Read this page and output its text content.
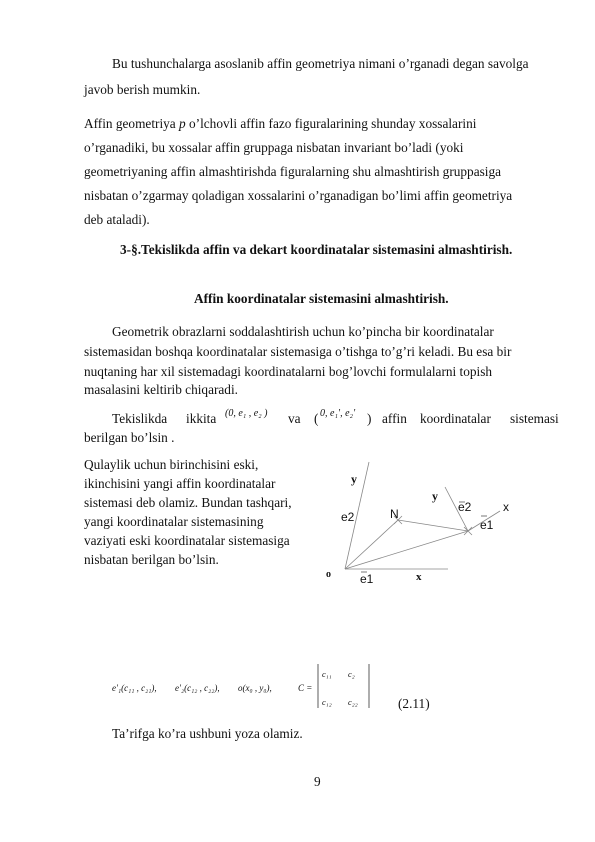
Bu tushunchalarga asoslanib affin geometriya nimani o’rganadi degan savolga
javob berish mumkin.
Affin geometriya p o’lchovli affin fazo figuralarining shunday xossalarini
o’rganadiki, bu xossalar affin gruppaga nisbatan invariant bo’ladi (yoki
geometriyaning affin almashtirishda figuralarning shu almashtirish gruppasiga
nisbatan o’zgarmay qoladigan xossalarini o’rganadigan bo’limi affin geometriya
deb ataladi).
3-§.Tekislikda affin va dekart koordinatalar sistemasini almashtirish.
Affin koordinatalar sistemasini almashtirish.
Geometrik obrazlarni soddalashtirish uchun ko’pincha bir koordinatalar
sistemasidan boshqa koordinatalar sistemasiga o’tishga to’g’ri keladi. Bu esa bir
nuqtaning har xil sistemadagi koordinatalarni bog’lovchi formulalarni topish
masalasini keltirib chiqaradi.
Tekislikda ikkita (0, e₁ , e₂ ) va ( 0, e₁′, e₂′ ) affin koordinatalar sistemasi
berilgan bo’lsin .
Qulaylik uchun birinchisini eski,
ikinchisini yangi affin koordinatalar
sistemasi deb olamiz. Bundan tashqari,
yangi koordinatalar sistemasining
vaziyati eski koordinatalar sistemasiga
nisbatan berilgan bo’lsin.
y
e2
o e1	x
N
y
e2
e1
x
e′₁(c₁₁ , c₂₁), e′₂(c₁₂ , c₂₂), o(x₀ , y₀),	C =
c₁₁ c₂
c₁₂ c₂₂	(2.11)
Ta’rifga ko’ra ushbuni yoza olamiz.
9
